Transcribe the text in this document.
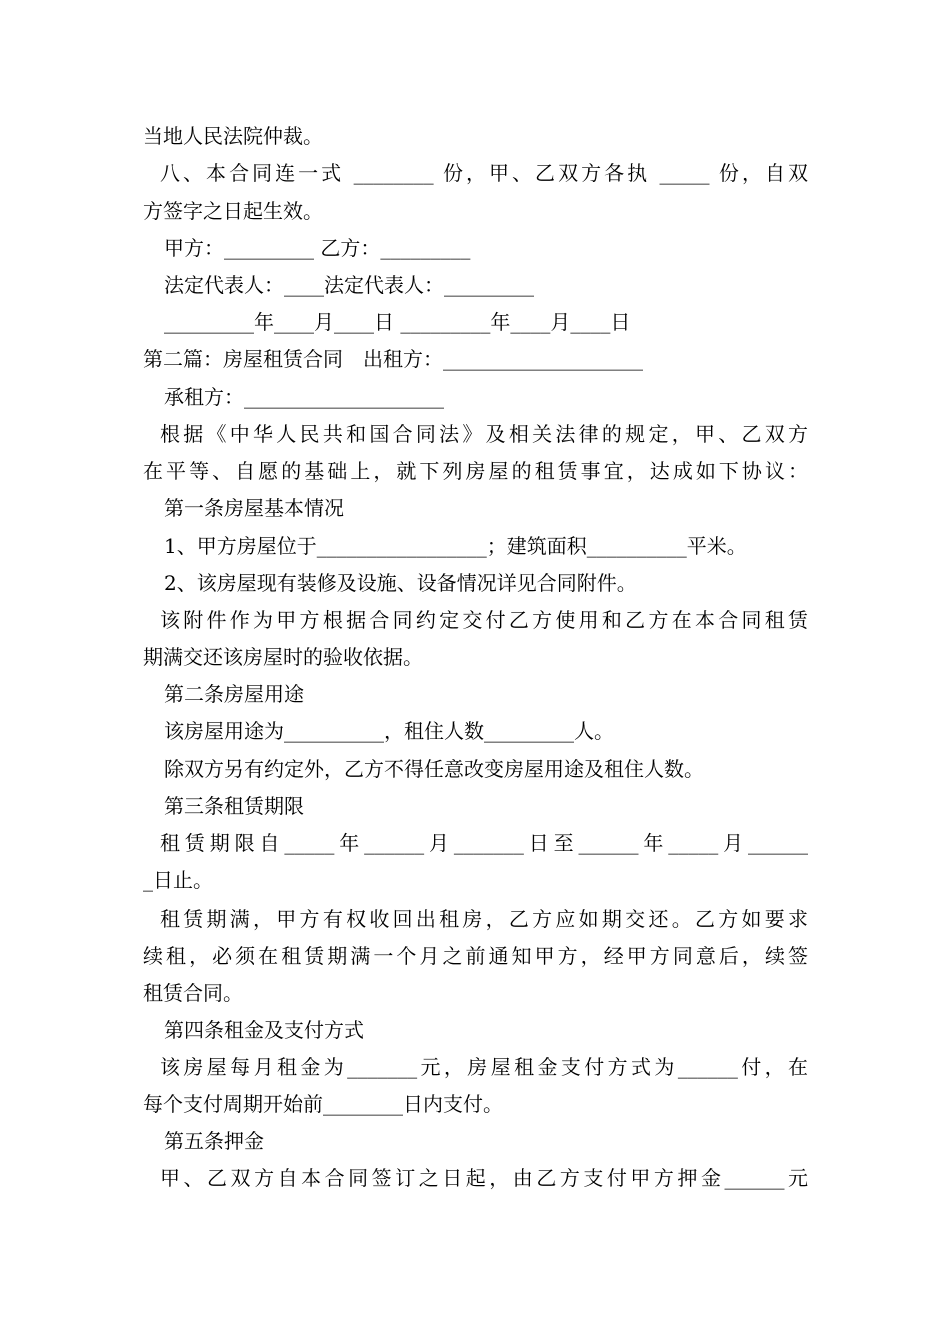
当地人民法院仲裁。
八、本合同连一式 ________ 份，甲、乙双方各执 _____ 份，自双
方签字之日起生效。
甲方：_________ 乙方：_________
法定代表人：____法定代表人：_________
_________年____月____日 _________年____月____日
第二篇：房屋租赁合同　出租方：____________________
承租方：____________________
根据《中华人民共和国合同法》及相关法律的规定，甲、乙双方
在平等、自愿的基础上，就下列房屋的租赁事宜，达成如下协议：
第一条房屋基本情况
1、甲方房屋位于_________________；建筑面积__________平米。
2、该房屋现有装修及设施、设备情况详见合同附件。
该附件作为甲方根据合同约定交付乙方使用和乙方在本合同租赁
期满交还该房屋时的验收依据。
第二条房屋用途
该房屋用途为__________，租住人数_________人。
除双方另有约定外，乙方不得任意改变房屋用途及租住人数。
第三条租赁期限
租赁期限自_____年______月_______日至______年_____月______
_日止。
租赁期满，甲方有权收回出租房，乙方应如期交还。乙方如要求
续租，必须在租赁期满一个月之前通知甲方，经甲方同意后，续签
租赁合同。
第四条租金及支付方式
该房屋每月租金为_______元，房屋租金支付方式为______付，在
每个支付周期开始前________日内支付。
第五条押金
甲、乙双方自本合同签订之日起，由乙方支付甲方押金______元
